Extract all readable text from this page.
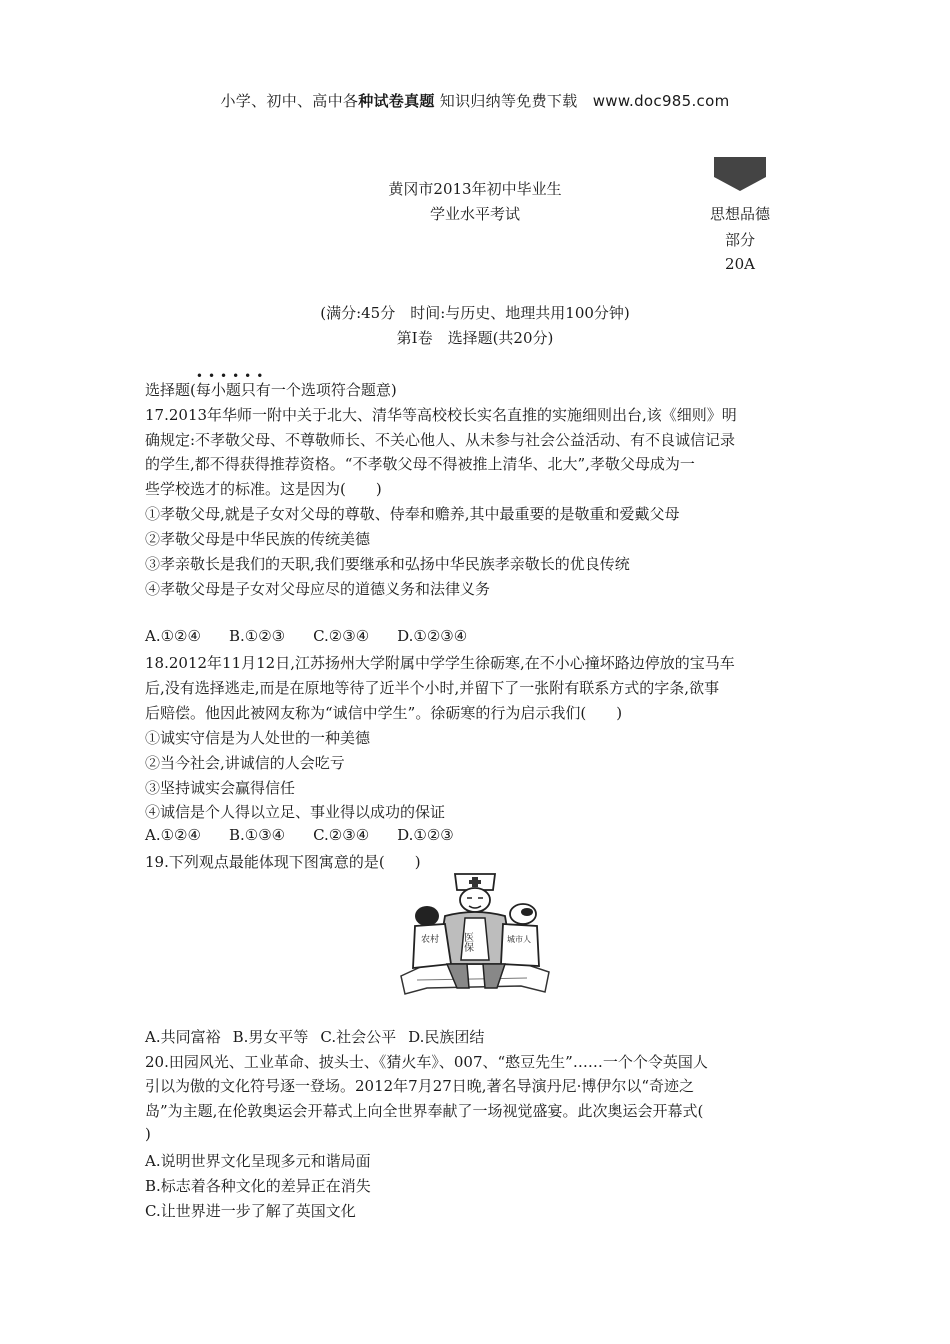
小学、初中、高中各种试卷真题 知识归纳等免费下载   www.doc985.com
黄冈市2013年初中毕业生
学业水平考试	思想品德
部分
20A
(满分:45分　时间:与历史、地理共用100分钟)
第Ⅰ卷　选择题(共20分)
选择题(
••••••
每小题只有一个选项符合题意)
17.2013年华师一附中关于北大、清华等高校校长实名直推的实施细则出台,该《细则》明
确规定:不孝敬父母、不尊敬师长、不关心他人、从未参与社会公益活动、有不良诚信记录
的学生,都不得获得推荐资格。“不孝敬父母不得被推上清华、北大”,孝敬父母成为一
些学校选才的标准。这是因为(　　)
①孝敬父母,就是子女对父母的尊敬、侍奉和赡养,其中最重要的是敬重和爱戴父母
②孝敬父母是中华民族的传统美德
③孝亲敬长是我们的天职,我们要继承和弘扬中华民族孝亲敬长的优良传统
④孝敬父母是子女对父母应尽的道德义务和法律义务
A.①②④ B.①②③ C.②③④ D.①②③④
18.2012年11月12日,江苏扬州大学附属中学学生徐砺寒,在不小心撞坏路边停放的宝马车
后,没有选择逃走,而是在原地等待了近半个小时,并留下了一张附有联系方式的字条,欲事
后赔偿。他因此被网友称为“诚信中学生”。徐砺寒的行为启示我们(　　)
①诚实守信是为人处世的一种美德
②当今社会,讲诚信的人会吃亏
③坚持诚实会赢得信任
④诚信是个人得以立足、事业得以成功的保证
A.①②④ B.①③④ C.②③④ D.①②③
19.下列观点最能体现下图寓意的是(　　)
农村 医保	城市人
A.共同富裕 B.男女平等 C.社会公平 D.民族团结
20.田园风光、工业革命、披头士、《猜火车》、007、“憨豆先生”……一个个令英国人
引以为傲的文化符号逐一登场。2012年7月27日晚,著名导演丹尼·博伊尔以“奇迹之
岛”为主题,在伦敦奥运会开幕式上向全世界奉献了一场视觉盛宴。此次奥运会开幕式(
)
A.说明世界文化呈现多元和谐局面
B.标志着各种文化的差异正在消失
C.让世界进一步了解了英国文化
